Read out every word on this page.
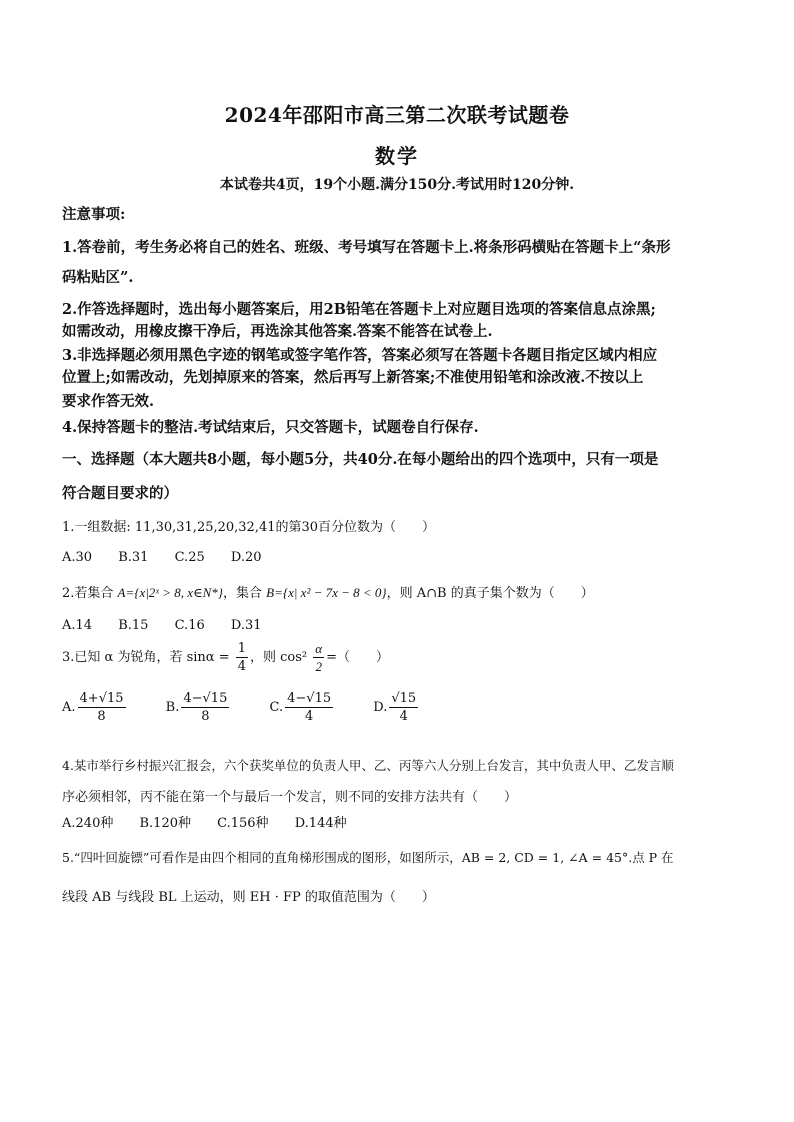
2024年邵阳市高三第二次联考试题卷
数学
本试卷共4页，19个小题.满分150分.考试用时120分钟.
注意事项:
1.答卷前，考生务必将自己的姓名、班级、考号填写在答题卡上.将条形码横贴在答题卡上“条形
码粘贴区”.
2.作答选择题时，选出每小题答案后，用2B铅笔在答题卡上对应题目选项的答案信息点涂黑;
如需改动，用橡皮擦干净后，再选涂其他答案.答案不能答在试卷上.
3.非选择题必须用黑色字迹的钢笔或签字笔作答，答案必须写在答题卡各题目指定区域内相应
位置上;如需改动，先划掉原来的答案，然后再写上新答案;不准使用铅笔和涂改液.不按以上
要求作答无效.
4.保持答题卡的整洁.考试结束后，只交答题卡，试题卷自行保存.
一、选择题（本大题共8小题，每小题5分，共40分.在每小题给出的四个选项中，只有一项是
符合题目要求的）
1.一组数据: 11,30,31,25,20,32,41的第30百分位数为（　　）
A.30 B.31 C.25 D.20
2.若集合 A={x|2ˣ > 8, x∈N*}，集合 B={x| x² − 7x − 8 < 0}，则 A∩B 的真子集个数为（　　）
A.14 B.15 C.16 D.31
3.已知 α 为锐角，若 $\sin\alpha = \frac{1}{4}$ ，则 $\cos^2 \frac{\alpha}{2}$ =（　　）
A. $\frac{4+√15}{8}$	B. $\frac{4-√15}{8}$	C. $\frac{4-√15}{4}$	D. $\frac{√15}{4}$
4.某市举行乡村振兴汇报会，六个获奖单位的负责人甲、乙、丙等六人分别上台发言，其中负责人甲、乙发言顺
序必须相邻，丙不能在第一个与最后一个发言，则不同的安排方法共有（　　）
A.240种 B.120种 C.156种 D.144种
5.“四叶回旋镖”可看作是由四个相同的直角梯形围成的图形，如图所示，AB = 2, CD = 1, ∠A = 45°.点 P 在
线段 AB 与线段 BL 上运动，则 EH · FP 的取值范围为（　　）
